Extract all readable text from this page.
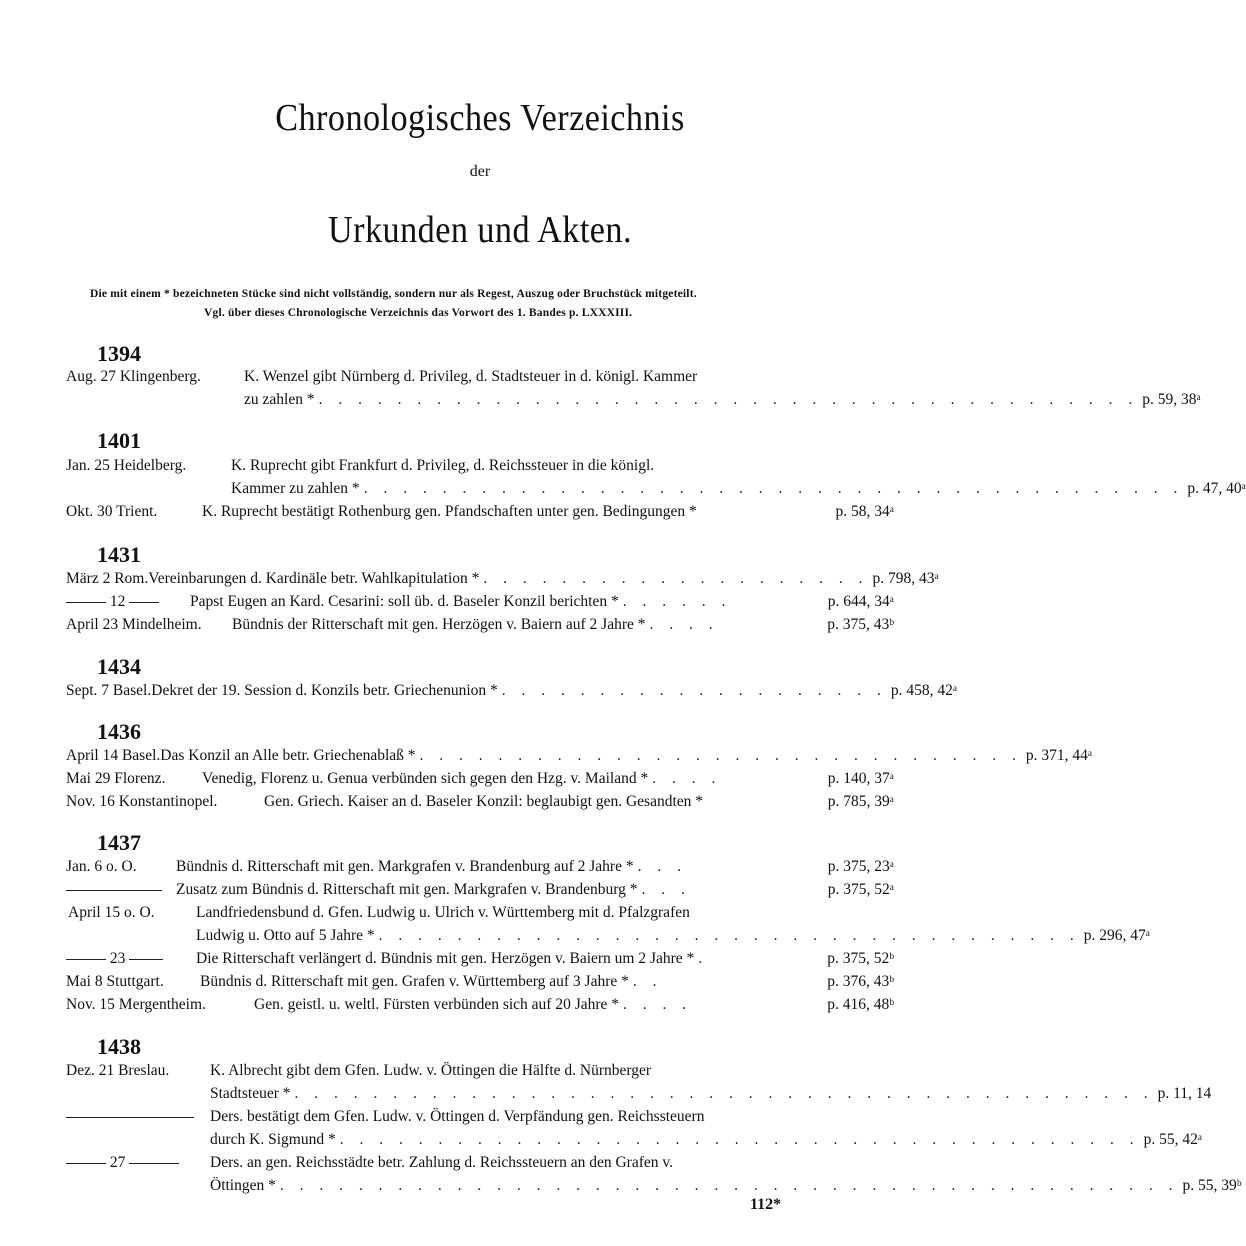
Chronologisches Verzeichnis
der
Urkunden und Akten.
Die mit einem * bezeichneten Stücke sind nicht vollständig, sondern nur als Regest, Auszug oder Bruchstück mitgeteilt.
Vgl. über dieses Chronologische Verzeichnis das Vorwort des 1. Bandes p. LXXXIII.
1394
Aug. 27 Klingenberg.	K. Wenzel gibt Nürnberg d. Privileg, d. Stadtsteuer in d. königl. Kammer
zu zahlen * . . . . . . . . . . . . . . . . . . . . . . . . . . . . . . . . . . . . . . . . . . p. 59, 38ᵃ
1401
Jan. 25 Heidelberg.	K. Ruprecht gibt Frankfurt d. Privileg, d. Reichssteuer in die königl.
Kammer zu zahlen * . . . . . . . . . . . . . . . . . . . . . . . . . . . . . . . . . . . . . . . . . . p. 47, 40ᵃ
Okt. 30 Trient.	K. Ruprecht bestätigt Rothenburg gen. Pfandschaften unter gen. Bedingungen *	p. 58, 34ᵃ
1431
März 2 Rom. Vereinbarungen d. Kardinäle betr. Wahlkapitulation * . . . . . . . . . . . . . . . . . . . . p. 798, 43ᵃ
12	Papst Eugen an Kard. Cesarini: soll üb. d. Baseler Konzil berichten * . . . . . .	p. 644, 34ᵃ
April 23 Mindelheim.	Bündnis der Ritterschaft mit gen. Herzögen v. Baiern auf 2 Jahre * . . . .	p. 375, 43ᵇ
1434
Sept. 7 Basel. Dekret der 19. Session d. Konzils betr. Griechenunion * . . . . . . . . . . . . . . . . . . . . p. 458, 42ᵃ
1436
April 14 Basel. Das Konzil an Alle betr. Griechenablaß * . . . . . . . . . . . . . . . . . . . . . . . . . . . . . . . p. 371, 44ᵃ
Mai 29 Florenz.	Venedig, Florenz u. Genua verbünden sich gegen den Hzg. v. Mailand * . . . .	p. 140, 37ᵃ
Nov. 16 Konstantinopel.	Gen. Griech. Kaiser an d. Baseler Konzil: beglaubigt gen. Gesandten *	p. 785, 39ᵃ
1437
Jan. 6 o. O.	Bündnis d. Ritterschaft mit gen. Markgrafen v. Brandenburg auf 2 Jahre * . . .	p. 375, 23ᵃ
Zusatz zum Bündnis d. Ritterschaft mit gen. Markgrafen v. Brandenburg * . . .	p. 375, 52ᵃ
April 15 o. O.	Landfriedensbund d. Gfen. Ludwig u. Ulrich v. Württemberg mit d. Pfalzgrafen
Ludwig u. Otto auf 5 Jahre * . . . . . . . . . . . . . . . . . . . . . . . . . . . . . . . . . . . . p. 296, 47ᵃ
23	Die Ritterschaft verlängert d. Bündnis mit gen. Herzögen v. Baiern um 2 Jahre * .	p. 375, 52ᵇ
Mai 8 Stuttgart.	Bündnis d. Ritterschaft mit gen. Grafen v. Württemberg auf 3 Jahre * . .	p. 376, 43ᵇ
Nov. 15 Mergentheim.	Gen. geistl. u. weltl. Fürsten verbünden sich auf 20 Jahre * . . . .	p. 416, 48ᵇ
1438
Dez. 21 Breslau.	K. Albrecht gibt dem Gfen. Ludw. v. Öttingen die Hälfte d. Nürnberger
Stadtsteuer * . . . . . . . . . . . . . . . . . . . . . . . . . . . . . . . . . . . . . . . . . . . . p. 11, 14
Ders. bestätigt dem Gfen. Ludw. v. Öttingen d. Verpfändung gen. Reichssteuern
durch K. Sigmund * . . . . . . . . . . . . . . . . . . . . . . . . . . . . . . . . . . . . . . . . . p. 55, 42ᵃ
27	Ders. an gen. Reichsstädte betr. Zahlung d. Reichssteuern an den Grafen v.
Öttingen * . . . . . . . . . . . . . . . . . . . . . . . . . . . . . . . . . . . . . . . . . . . . . . p. 55, 39ᵇ
112*
